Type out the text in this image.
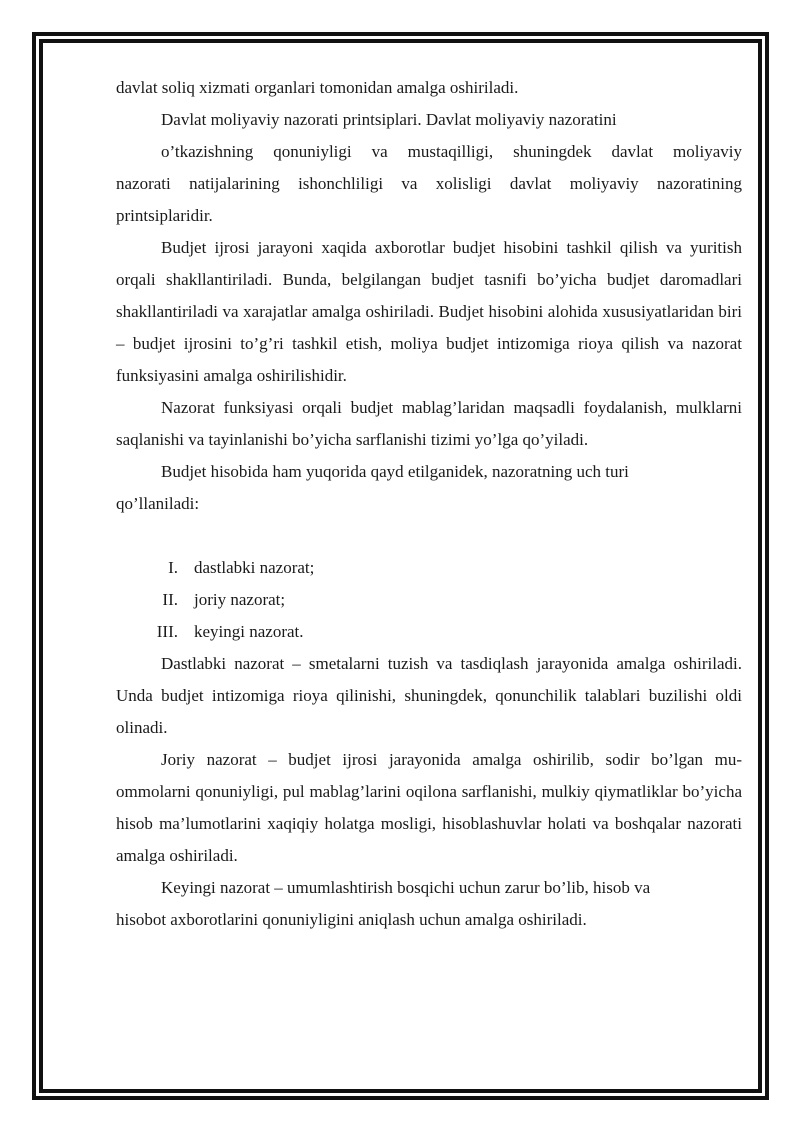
davlat soliq xizmati organlari tomonidan amalga oshiriladi.

Davlat moliyaviy nazorati printsiplari. Davlat moliyaviy nazoratini
o’tkazishning qonuniyligi va mustaqilligi, shuningdek davlat moliyaviy

nazorati natijalarining ishonchliligi va xolisligi davlat moliyaviy nazoratining printsiplaridir.

Budjet ijrosi jarayoni xaqida axborotlar budjet hisobini tashkil qilish va yuritish orqali shakllantiriladi. Bunda, belgilangan budjet tasnifi bo’yicha budjet daromadlari shakllantiriladi va xarajatlar amalga oshiriladi. Budjet hisobini alohida xususiyatlaridan biri – budjet ijrosini to’g’ri tashkil etish, moliya budjet intizomiga rioya qilish va nazorat funksiyasini amalga oshirilishidir.

Nazorat funksiyasi orqali budjet mablag’laridan maqsadli foydalanish, mulklarni saqlanishi va tayinlanishi bo’yicha sarflanishi tizimi yo’lga qo’yiladi.

Budjet hisobida ham yuqorida qayd etilganidek, nazoratning uch turi
qo’llaniladi:
I. dastlabki nazorat;
II. joriy nazorat;
III. keyingi nazorat.

Dastlabki nazorat – smetalarni tuzish va tasdiqlash jarayonida amalga oshiriladi. Unda budjet intizomiga rioya qilinishi, shuningdek, qonunchilik talablari buzilishi oldi olinadi.

Joriy nazorat – budjet ijrosi jarayonida amalga oshirilib, sodir bo’lgan mu-ommolarni qonuniyligi, pul mablag’larini oqilona sarflanishi, mulkiy qiymatliklar bo’yicha hisob ma’lumotlarini xaqiqiy holatga mosligi, hisoblashuvlar holati va boshqalar nazorati amalga oshiriladi.

Keyingi nazorat – umumlashtirish bosqichi uchun zarur bo’lib, hisob va
hisobot axborotlarini qonuniyligini aniqlash uchun amalga oshiriladi.
